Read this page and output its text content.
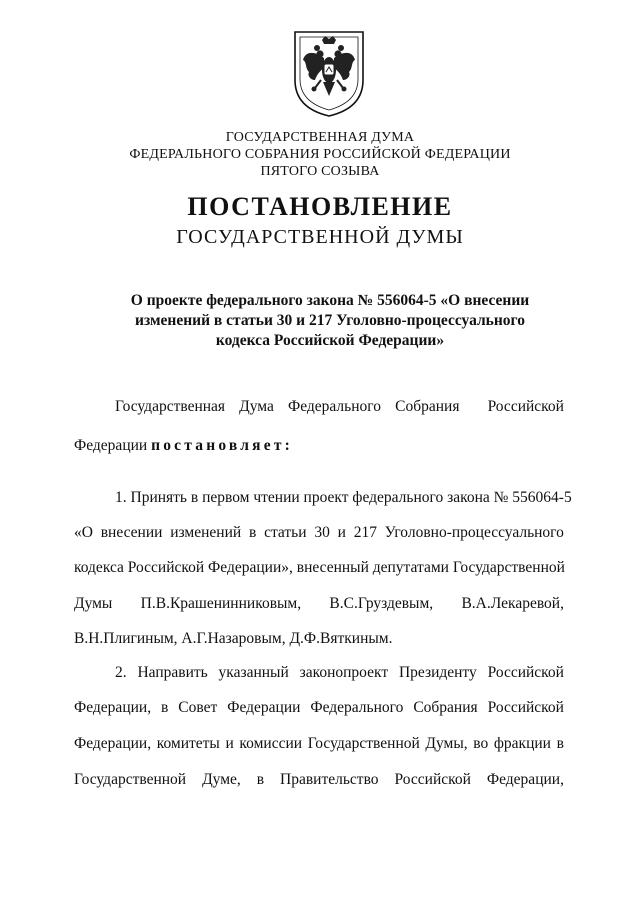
ГОСУДАРСТВЕННАЯ ДУМА
ФЕДЕРАЛЬНОГО СОБРАНИЯ РОССИЙСКОЙ ФЕДЕРАЦИИ
ПЯТОГО СОЗЫВА
ПОСТАНОВЛЕНИЕ
ГОСУДАРСТВЕННОЙ ДУМЫ
О проекте федерального закона № 556064-5 «О внесении
изменений в статьи 30 и 217 Уголовно-процессуального
кодекса Российской Федерации»
Государственная Дума Федерального Собрания Российской
Федерации постановляет:
1. Принять в первом чтении проект федерального закона № 556064-5
«О внесении изменений в статьи 30 и 217 Уголовно-процессуального
кодекса Российской Федерации», внесенный депутатами Государственной
Думы П.В.Крашенинниковым, В.С.Груздевым, В.А.Лекаревой,
В.Н.Плигиным, А.Г.Назаровым, Д.Ф.Вяткиным.
2. Направить указанный законопроект Президенту Российской
Федерации, в Совет Федерации Федерального Собрания Российской
Федерации, комитеты и комиссии Государственной Думы, во фракции в
Государственной Думе, в Правительство Российской Федерации,
